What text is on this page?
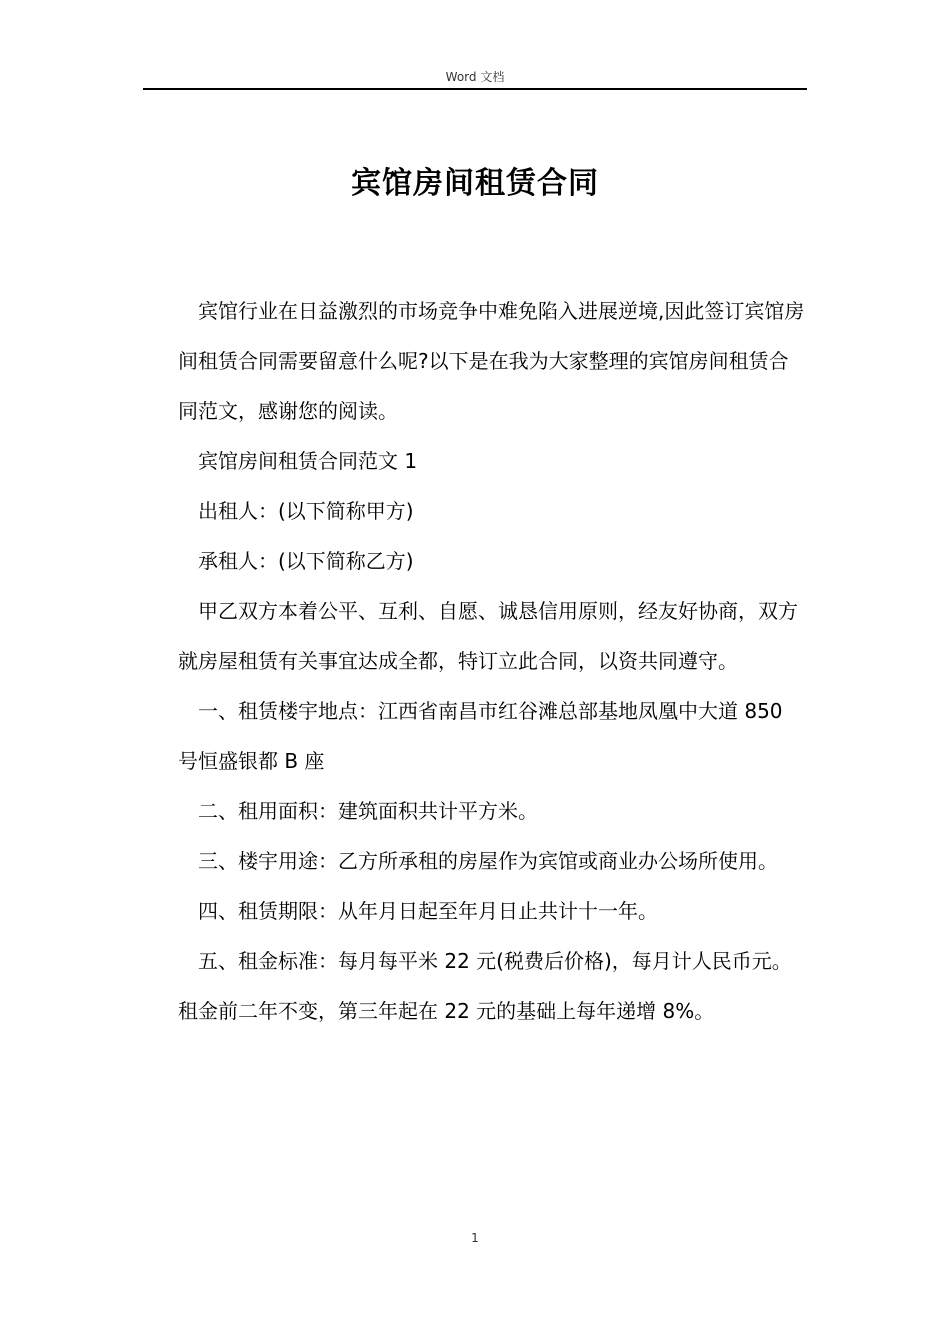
Word 文档
宾馆房间租赁合同

宾馆行业在日益激烈的市场竞争中难免陷入进展逆境,因此签订宾馆房间租赁合同需要留意什么呢?以下是在我为大家整理的宾馆房间租赁合同范文，感谢您的阅读。

宾馆房间租赁合同范文 1

出租人：(以下简称甲方)

承租人：(以下简称乙方)

甲乙双方本着公平、互利、自愿、诚恳信用原则，经友好协商，双方就房屋租赁有关事宜达成全都，特订立此合同，以资共同遵守。

一、租赁楼宇地点：江西省南昌市红谷滩总部基地凤凰中大道 850 号恒盛银都 B 座

二、租用面积：建筑面积共计平方米。

三、楼宇用途：乙方所承租的房屋作为宾馆或商业办公场所使用。

四、租赁期限：从年月日起至年月日止共计十一年。

五、租金标准：每月每平米 22 元(税费后价格)，每月计人民币元。租金前二年不变，第三年起在 22 元的基础上每年递增 8%。

1
